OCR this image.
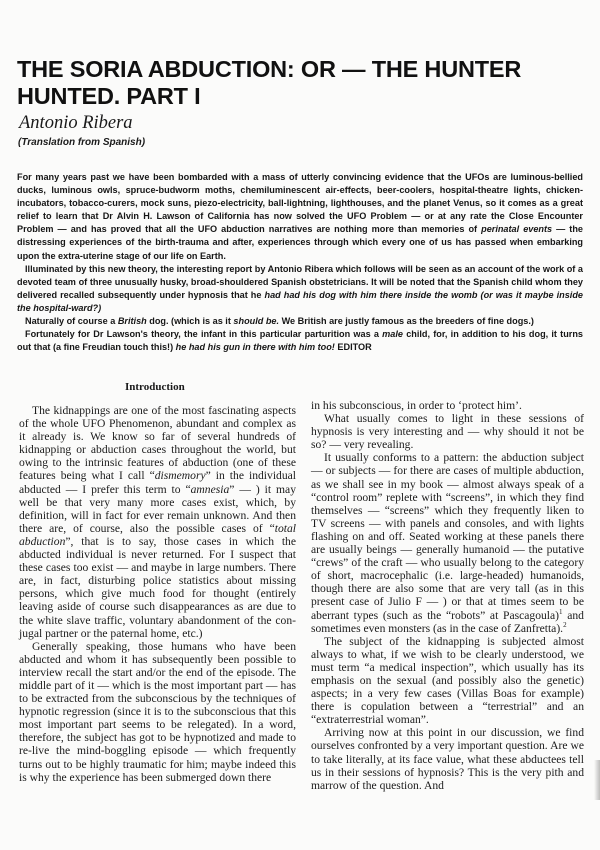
THE SORIA ABDUCTION: OR — THE HUNTER HUNTED. PART I
Antonio Ribera
(Translation from Spanish)

For many years past we have been bombarded with a mass of utterly convincing evidence that the UFOs are luminous-bellied ducks, luminous owls, spruce-budworm moths, chemiluminescent air-effects, beer-coolers, hospital-theatre lights, chicken-incubators, tobacco-curers, mock suns, piezo-electricity, ball-lightning, lighthouses, and the planet Venus, so it comes as a great relief to learn that Dr Alvin H. Lawson of California has now solved the UFO Problem — or at any rate the Close Encounter Problem — and has proved that all the UFO abduction narratives are nothing more than memories of perinatal events — the distressing experiences of the birth-trauma and after, experiences through which every one of us has passed when embarking upon the extra-uterine stage of our life on Earth.

Illuminated by this new theory, the interesting report by Antonio Ribera which follows will be seen as an account of the work of a devoted team of three unusually husky, broad-shouldered Spanish obstetricians. It will be noted that the Spanish child whom they delivered recalled subsequently under hypnosis that he had had his dog with him there inside the womb (or was it maybe inside the hospital-ward?)

Naturally of course a British dog. (which is as it should be. We British are justly famous as the breeders of fine dogs.)

Fortunately for Dr Lawson's theory, the infant in this particular parturition was a male child, for, in addition to his dog, it turns out that (a fine Freudian touch this!) he had his gun in there with him too! EDITOR

Introduction

The kidnappings are one of the most fascinating aspects of the whole UFO Phenomenon, abundant and complex as it already is. We know so far of several hundreds of kidnapping or abduction cases throughout the world, but owing to the intrinsic features of abduction (one of these features being what I call “dismemory” in the individual abducted — I prefer this term to “amnesia” — ) it may well be that very many more cases exist, which, by definition, will in fact for ever remain unknown. And then there are, of course, also the possible cases of “total abduction”, that is to say, those cases in which the abducted individual is never returned. For I suspect that these cases too exist — and maybe in large numbers. There are, in fact, disturbing police statistics about missing persons, which give much food for thought (entirely leaving aside of course such disappearances as are due to the white slave traffic, voluntary abandonment of the conjugal partner or the paternal home, etc.)

Generally speaking, those humans who have been abducted and whom it has subsequently been possible to interview recall the start and/or the end of the episode. The middle part of it — which is the most important part — has to be extracted from the subconscious by the techniques of hypnotic regression (since it is to the subconscious that this most important part seems to be relegated). In a word, therefore, the subject has got to be hypnotized and made to re-live the mind-boggling episode — which frequently turns out to be highly traumatic for him; maybe indeed this is why the experience has been submerged down there

in his subconscious, in order to ‘protect him’.

What usually comes to light in these sessions of hypnosis is very interesting and — why should it not be so? — very revealing.

It usually conforms to a pattern: the abduction subject — or subjects — for there are cases of multiple abduction, as we shall see in my book — almost always speak of a “control room” replete with “screens”, in which they find themselves — “screens” which they frequently liken to TV screens — with panels and consoles, and with lights flashing on and off. Seated working at these panels there are usually beings — generally humanoid — the putative “crews” of the craft — who usually belong to the category of short, macrocephalic (i.e. large-headed) humanoids, though there are also some that are very tall (as in this present case of Julio F — ) or that at times seem to be aberrant types (such as the “robots” at Pascagoula)$^1$ and sometimes even monsters (as in the case of Zanfretta).$^2$

The subject of the kidnapping is subjected almost always to what, if we wish to be clearly understood, we must term “a medical inspection”, which usually has its emphasis on the sexual (and possibly also the genetic) aspects; in a very few cases (Villas Boas for example) there is copulation between a “terrestrial” and an “extraterrestrial woman”.

Arriving now at this point in our discussion, we find ourselves confronted by a very important question. Are we to take literally, at its face value, what these abductees tell us in their sessions of hypnosis? This is the very pith and marrow of the question. And
